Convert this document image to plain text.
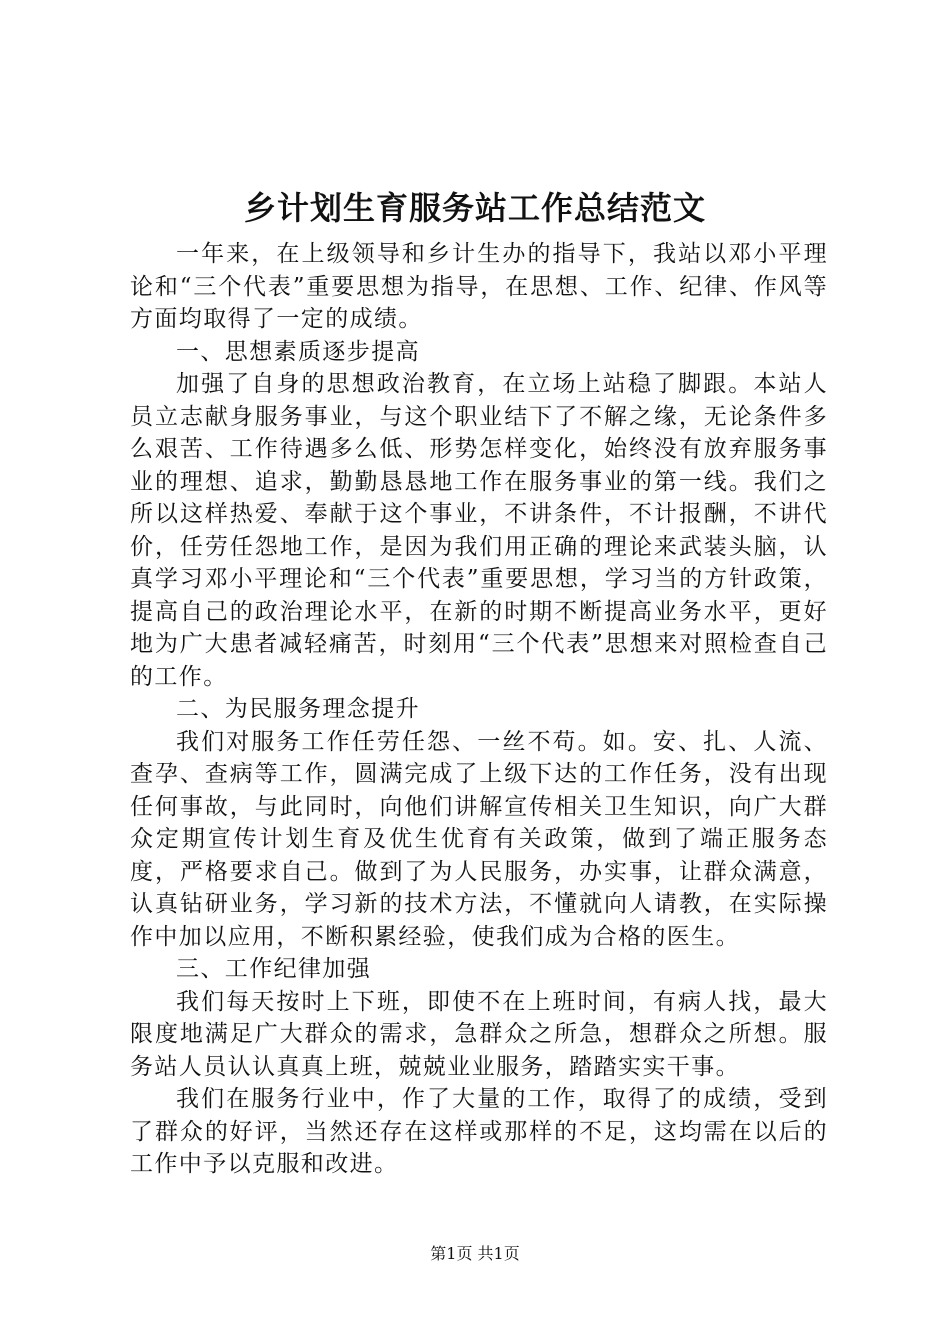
乡计划生育服务站工作总结范文

一年来，在上级领导和乡计生办的指导下，我站以邓小平理论和“三个代表”重要思想为指导，在思想、工作、纪律、作风等方面均取得了一定的成绩。

一、思想素质逐步提高

加强了自身的思想政治教育，在立场上站稳了脚跟。本站人员立志献身服务事业，与这个职业结下了不解之缘，无论条件多么艰苦、工作待遇多么低、形势怎样变化，始终没有放弃服务事业的理想、追求，勤勤恳恳地工作在服务事业的第一线。我们之所以这样热爱、奉献于这个事业，不讲条件，不计报酬，不讲代价，任劳任怨地工作，是因为我们用正确的理论来武装头脑，认真学习邓小平理论和“三个代表”重要思想，学习当的方针政策，提高自己的政治理论水平，在新的时期不断提高业务水平，更好地为广大患者减轻痛苦，时刻用“三个代表”思想来对照检查自己的工作。

二、为民服务理念提升

我们对服务工作任劳任怨、一丝不苟。如。安、扎、人流、查孕、查病等工作，圆满完成了上级下达的工作任务，没有出现任何事故，与此同时，向他们讲解宣传相关卫生知识，向广大群众定期宣传计划生育及优生优育有关政策，做到了端正服务态度，严格要求自己。做到了为人民服务，办实事，让群众满意，认真钻研业务，学习新的技术方法，不懂就向人请教，在实际操作中加以应用，不断积累经验，使我们成为合格的医生。

三、工作纪律加强

我们每天按时上下班，即使不在上班时间，有病人找，最大限度地满足广大群众的需求，急群众之所急，想群众之所想。服务站人员认认真真上班，兢兢业业服务，踏踏实实干事。

我们在服务行业中，作了大量的工作，取得了的成绩，受到了群众的好评，当然还存在这样或那样的不足，这均需在以后的工作中予以克服和改进。

第1页 共1页
